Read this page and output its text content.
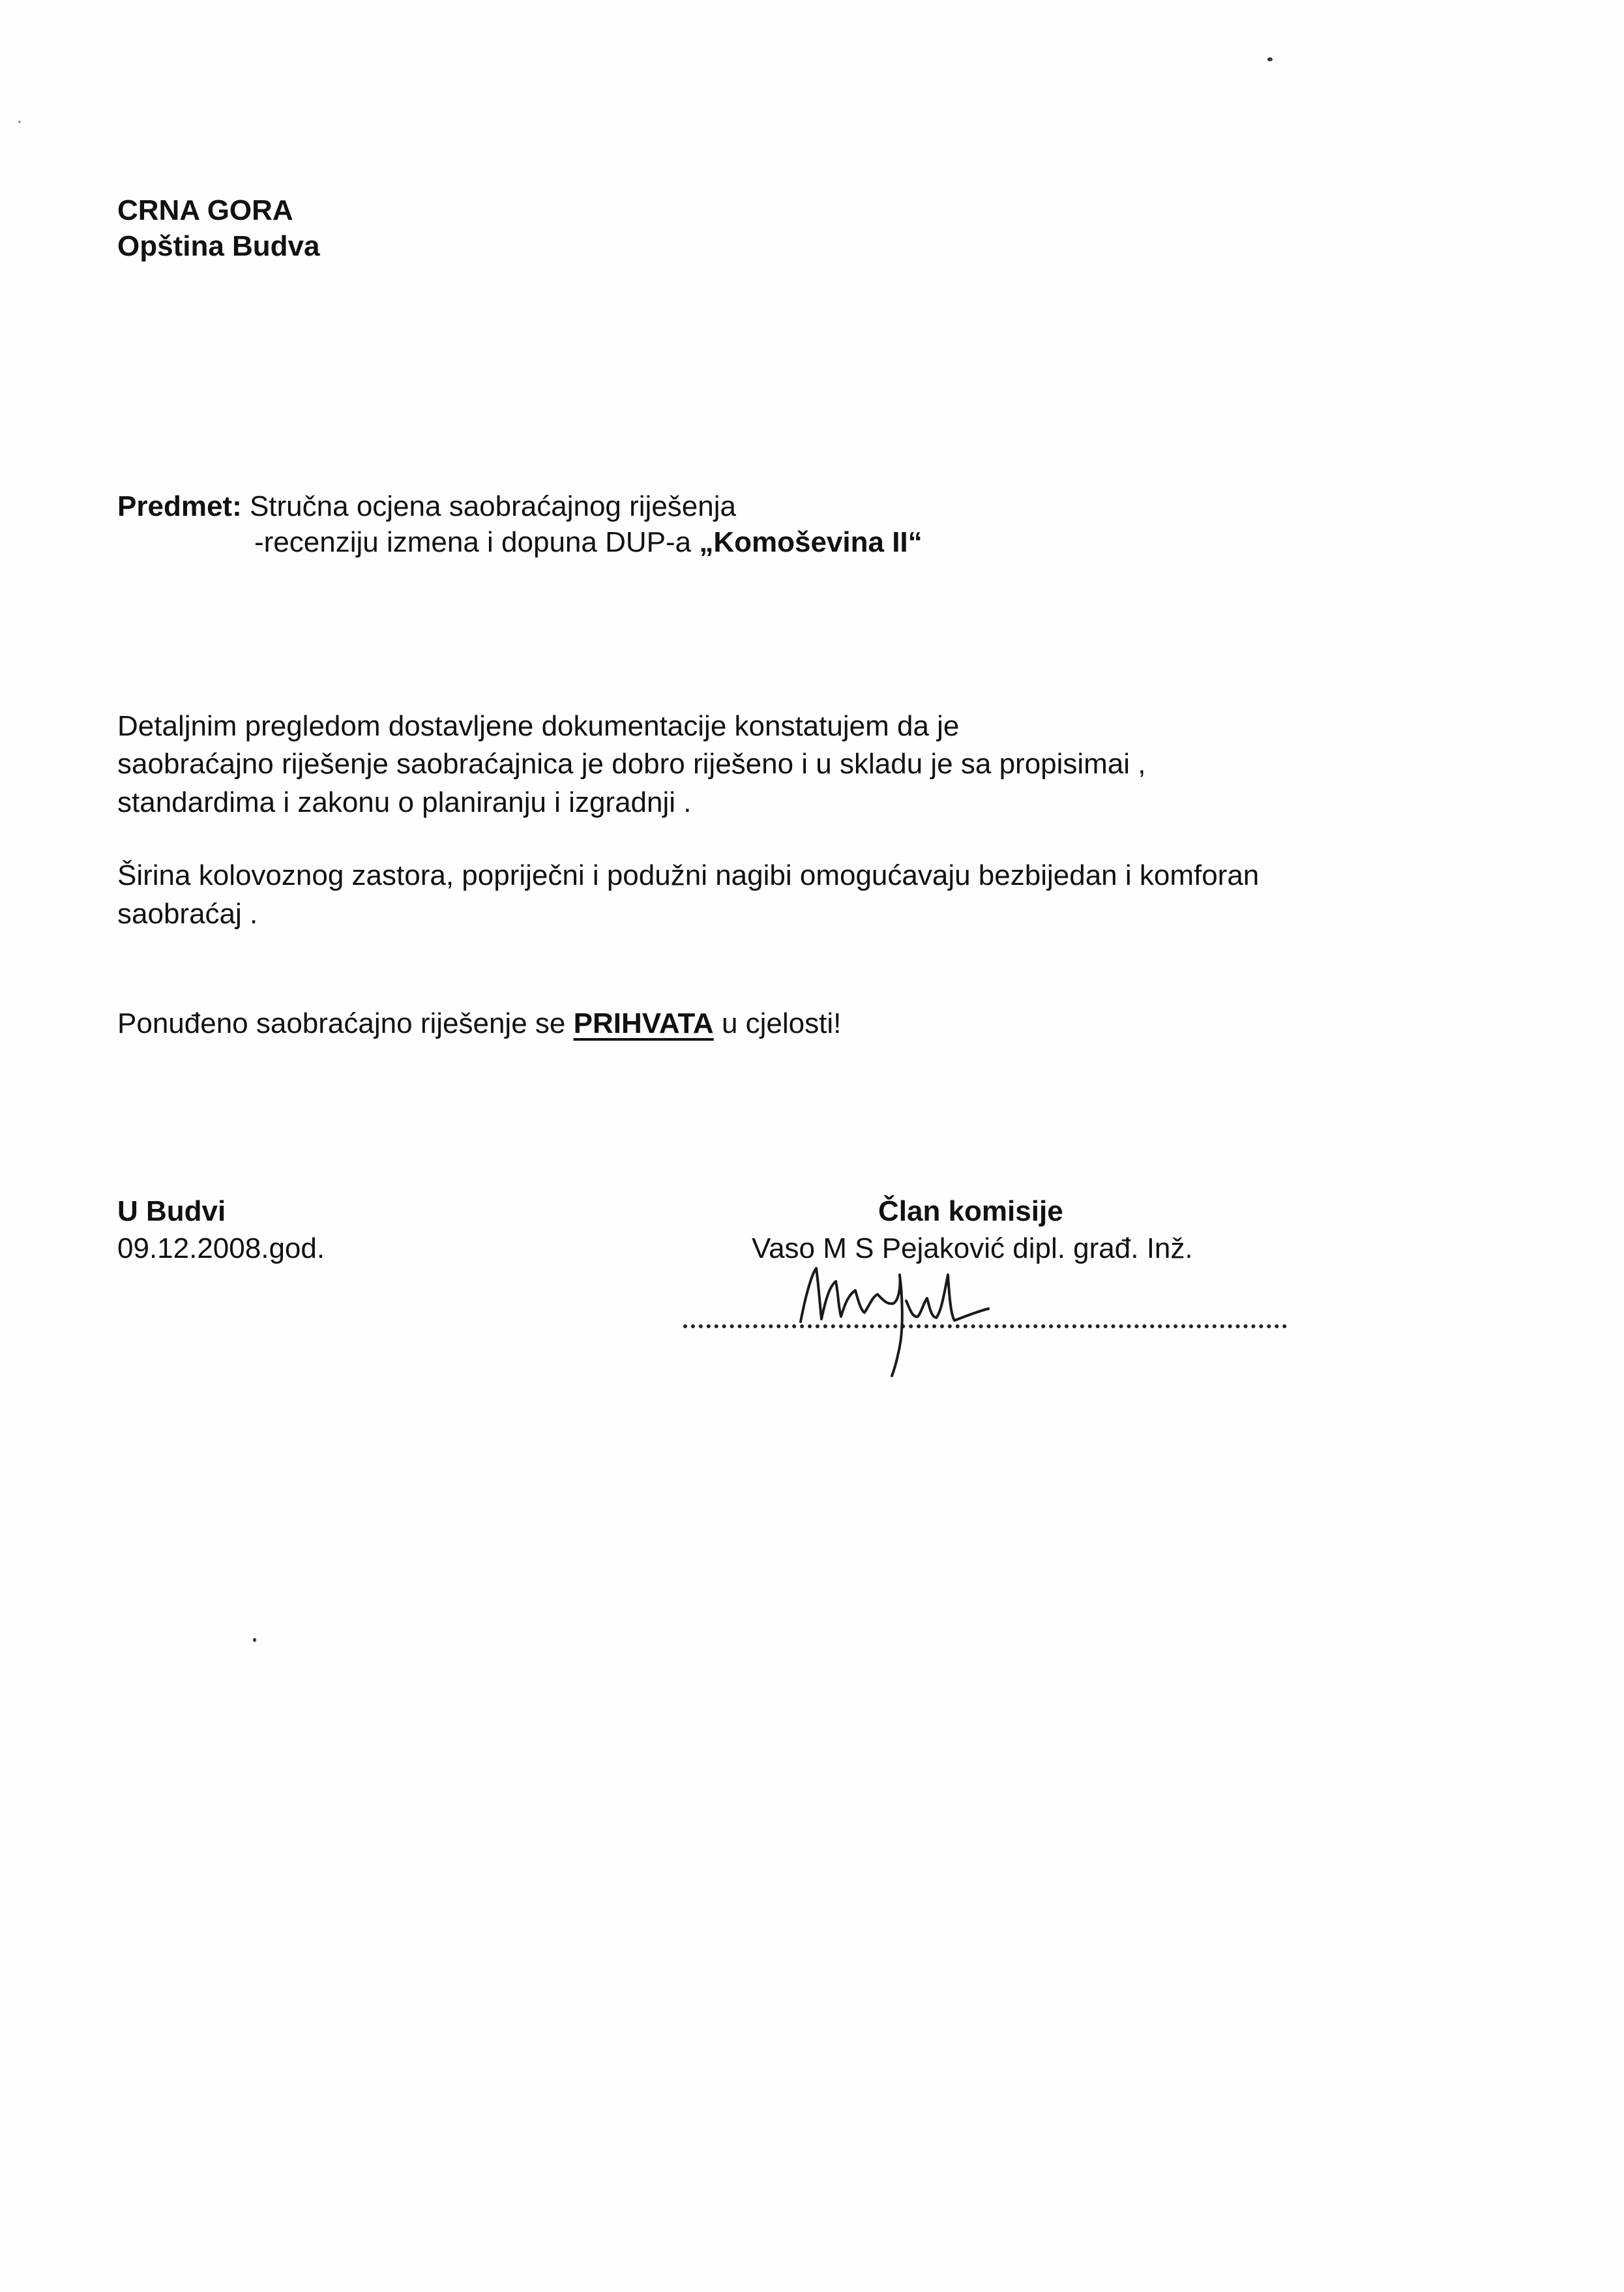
CRNA GORA
Opština Budva
Predmet: Stručna ocjena saobraćajnog riješenja
-recenziju izmena i dopuna DUP-a „Komoševina II“
Detaljnim pregledom dostavljene dokumentacije konstatujem da je
saobraćajno riješenje saobraćajnica je dobro riješeno i u skladu je sa propisimai ,
standardima i zakonu o planiranju i izgradnji .
Širina kolovoznog zastora, popriječni i podužni nagibi omogućavaju bezbijedan i komforan
saobraćaj .
Ponuđeno saobraćajno riješenje se PRIHVATA u cjelosti!
U Budvi
09.12.2008.god.
Član komisije
Vaso M S Pejaković dipl. građ. Inž.
